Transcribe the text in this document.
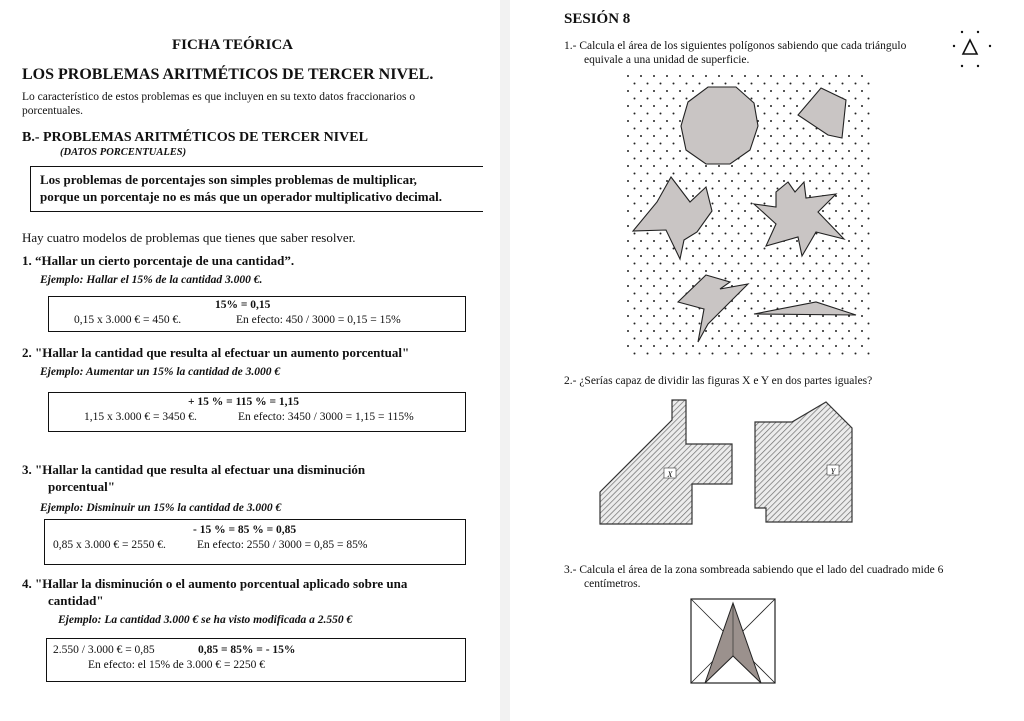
FICHA TEÓRICA
LOS PROBLEMAS ARITMÉTICOS DE TERCER NIVEL.
Lo característico de estos problemas es que incluyen en su texto datos fraccionarios o
porcentuales.
B.- PROBLEMAS ARITMÉTICOS DE TERCER NIVEL
(DATOS PORCENTUALES)
Los problemas de porcentajes son simples problemas de multiplicar,
porque un porcentaje no es más que un operador multiplicativo decimal.
Hay cuatro modelos de problemas que tienes que saber resolver.
1. “Hallar un cierto porcentaje de una cantidad”.
Ejemplo: Hallar el 15% de la cantidad 3.000 €.
15% = 0,15
0,15 x 3.000 € = 450 €.	En efecto: 450 / 3000 = 0,15 = 15%
2. "Hallar la cantidad que resulta al efectuar un aumento porcentual"
Ejemplo: Aumentar un 15% la cantidad de 3.000 €
+ 15 % = 115 % = 1,15
1,15 x 3.000 € = 3450 €.	En efecto: 3450 / 3000 = 1,15 = 115%
3. "Hallar la cantidad que resulta al efectuar una disminución
porcentual"
Ejemplo: Disminuir un 15% la cantidad de 3.000 €
- 15 % = 85 % = 0,85
0,85 x 3.000 € = 2550 €.	En efecto: 2550 / 3000 = 0,85 = 85%
4. "Hallar la disminución o el aumento porcentual aplicado sobre una
cantidad"
Ejemplo: La cantidad 3.000 € se ha visto modificada a 2.550 €
2.550 / 3.000 € = 0,85	0,85 = 85% = - 15%
En efecto: el 15% de 3.000 € = 2250 €
SESIÓN 8
1.- Calcula el área de los siguientes polígonos sabiendo que cada triángulo
equivale a una unidad de superficie.
2.- ¿Serías capaz de dividir las figuras X e Y en dos partes iguales?
X	Y
3.- Calcula el área de la zona sombreada sabiendo que el lado del cuadrado mide 6
centímetros.
